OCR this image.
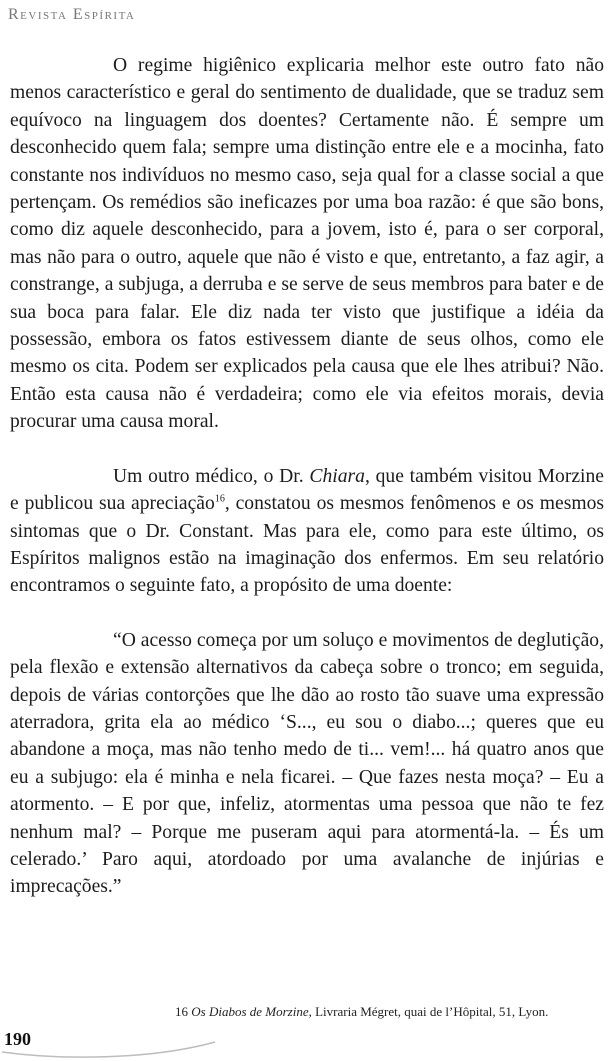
Revista Espírita

O regime higiênico explicaria melhor este outro fato não menos característico e geral do sentimento de dualidade, que se traduz sem equívoco na linguagem dos doentes? Certamente não. É sempre um desconhecido quem fala; sempre uma distinção entre ele e a mocinha, fato constante nos indivíduos no mesmo caso, seja qual for a classe social a que pertençam. Os remédios são ineficazes por uma boa razão: é que são bons, como diz aquele desconhecido, para a jovem, isto é, para o ser corporal, mas não para o outro, aquele que não é visto e que, entretanto, a faz agir, a constrange, a subjuga, a derruba e se serve de seus membros para bater e de sua boca para falar. Ele diz nada ter visto que justifique a idéia da possessão, embora os fatos estivessem diante de seus olhos, como ele mesmo os cita. Podem ser explicados pela causa que ele lhes atribui? Não. Então esta causa não é verdadeira; como ele via efeitos morais, devia procurar uma causa moral.

Um outro médico, o Dr. Chiara, que também visitou Morzine e publicou sua apreciação$^{16}$, constatou os mesmos fenômenos e os mesmos sintomas que o Dr. Constant. Mas para ele, como para este último, os Espíritos malignos estão na imaginação dos enfermos. Em seu relatório encontramos o seguinte fato, a propósito de uma doente:

“O acesso começa por um soluço e movimentos de deglutição, pela flexão e extensão alternativos da cabeça sobre o tronco; em seguida, depois de várias contorções que lhe dão ao rosto tão suave uma expressão aterradora, grita ela ao médico ‘S..., eu sou o diabo...; queres que eu abandone a moça, mas não tenho medo de ti... vem!... há quatro anos que eu a subjugo: ela é minha e nela ficarei. – Que fazes nesta moça? – Eu a atormento. – E por que, infeliz, atormentas uma pessoa que não te fez nenhum mal? – Porque me puseram aqui para atormentá-la. – És um celerado.’ Paro aqui, atordoado por uma avalanche de injúrias e imprecações.”

16 Os Diabos de Morzine, Livraria Mégret, quai de l’Hôpital, 51, Lyon.
190
